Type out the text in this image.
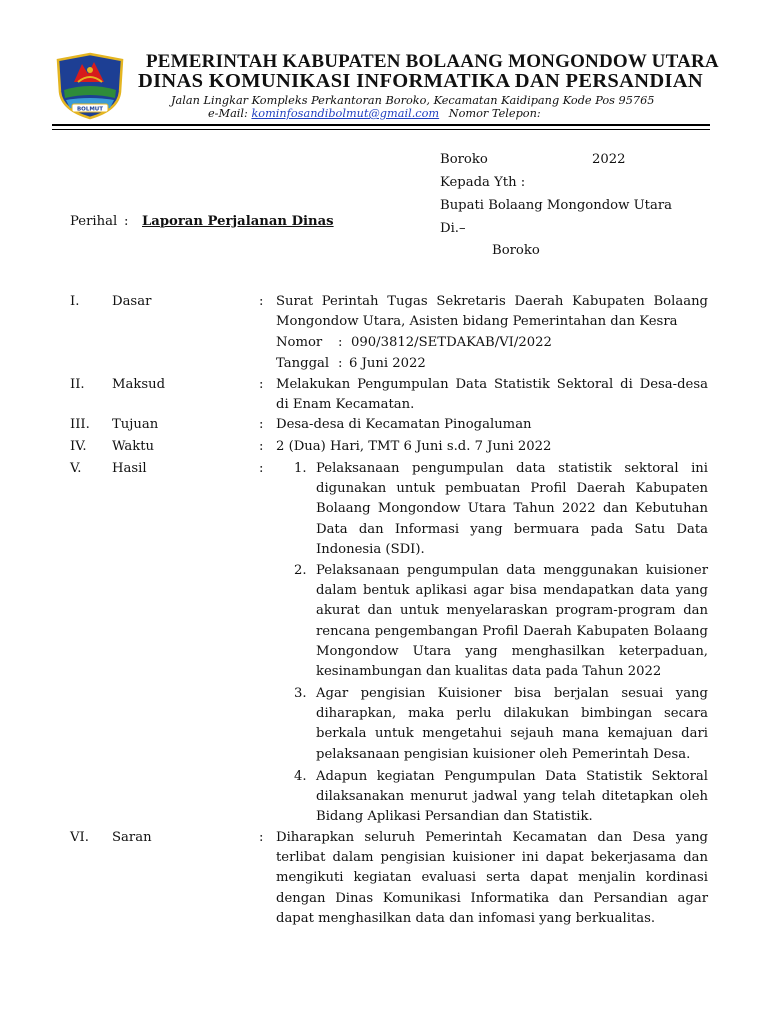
BOLMUT
PEMERINTAH KABUPATEN BOLAANG MONGONDOW UTARA
DINAS KOMUNIKASI INFORMATIKA DAN PERSANDIAN
Jalan Lingkar Kompleks Perkantoran Boroko, Kecamatan Kaidipang Kode Pos 95765
e-Mail: kominfosandibolmut@gmail.com Nomor Telepon:
Boroko	2022
Kepada Yth :
Bupati Bolaang Mongondow Utara
Di.–
Boroko
Perihal : Laporan Perjalanan Dinas
I. Dasar	: Surat Perintah Tugas Sekretaris Daerah Kabupaten Bolaang Mongondow Utara, Asisten bidang Pemerintahan dan Kesra
Nomor : 090/3812/SETDAKAB/VI/2022
Tanggal : 6 Juni 2022
II. Maksud	: Melakukan Pengumpulan Data Statistik Sektoral di Desa-desa di Enam Kecamatan.
III. Tujuan	: Desa-desa di Kecamatan Pinogaluman
IV. Waktu	: 2 (Dua) Hari, TMT 6 Juni s.d. 7 Juni 2022
V. Hasil	: 1. Pelaksanaan pengumpulan data statistik sektoral ini digunakan untuk pembuatan Profil Daerah Kabupaten Bolaang Mongondow Utara Tahun 2022 dan Kebutuhan Data dan Informasi yang bermuara pada Satu Data Indonesia (SDI).
2. Pelaksanaan pengumpulan data menggunakan kuisioner dalam bentuk aplikasi agar bisa mendapatkan data yang akurat dan untuk menyelaraskan program-program dan rencana pengembangan Profil Daerah Kabupaten Bolaang Mongondow Utara yang menghasilkan keterpaduan, kesinambungan dan kualitas data pada Tahun 2022
3. Agar pengisian Kuisioner bisa berjalan sesuai yang diharapkan, maka perlu dilakukan bimbingan secara berkala untuk mengetahui sejauh mana kemajuan dari pelaksanaan pengisian kuisioner oleh Pemerintah Desa.
4. Adapun kegiatan Pengumpulan Data Statistik Sektoral dilaksanakan menurut jadwal yang telah ditetapkan oleh Bidang Aplikasi Persandian dan Statistik.
VI. Saran	: Diharapkan seluruh Pemerintah Kecamatan dan Desa yang terlibat dalam pengisian kuisioner ini dapat bekerjasama dan mengikuti kegiatan evaluasi serta dapat menjalin kordinasi dengan Dinas Komunikasi Informatika dan Persandian agar dapat menghasilkan data dan infomasi yang berkualitas.
